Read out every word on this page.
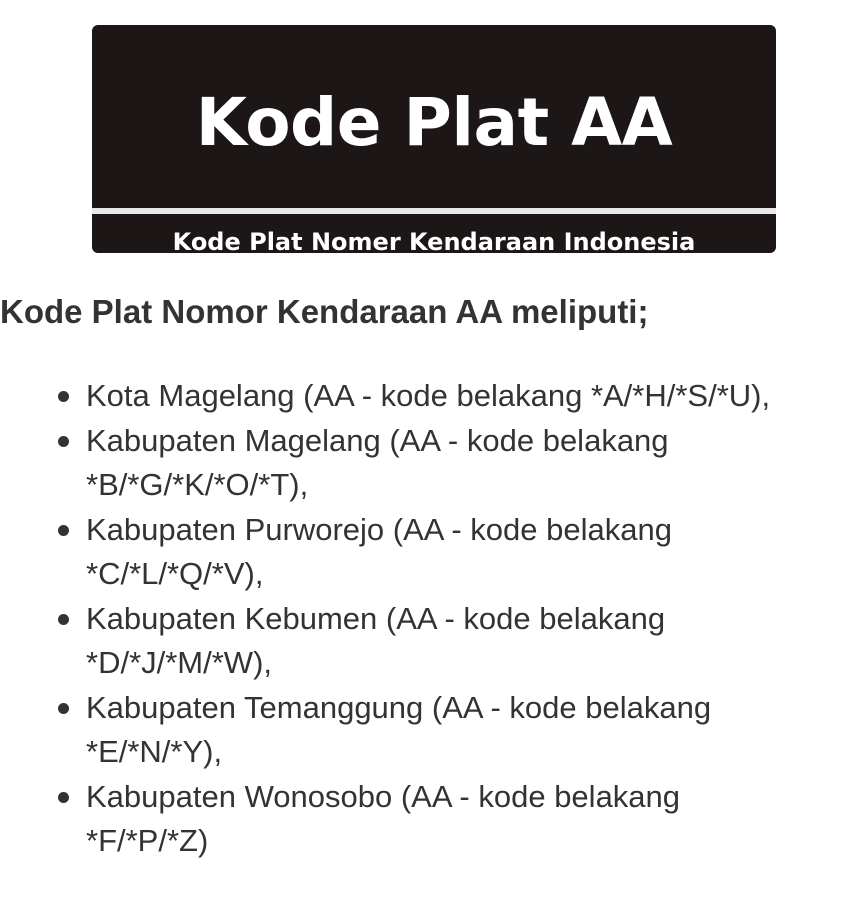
Kode Plat AA
Kode Plat Nomer Kendaraan Indonesia
Kode Plat Nomor Kendaraan AA meliputi;
Kota Magelang (AA - kode belakang *A/*H/*S/*U),
Kabupaten Magelang (AA - kode belakang
*B/*G/*K/*O/*T),
Kabupaten Purworejo (AA - kode belakang
*C/*L/*Q/*V),
Kabupaten Kebumen (AA - kode belakang
*D/*J/*M/*W),
Kabupaten Temanggung (AA - kode belakang
*E/*N/*Y),
Kabupaten Wonosobo (AA - kode belakang
*F/*P/*Z)
